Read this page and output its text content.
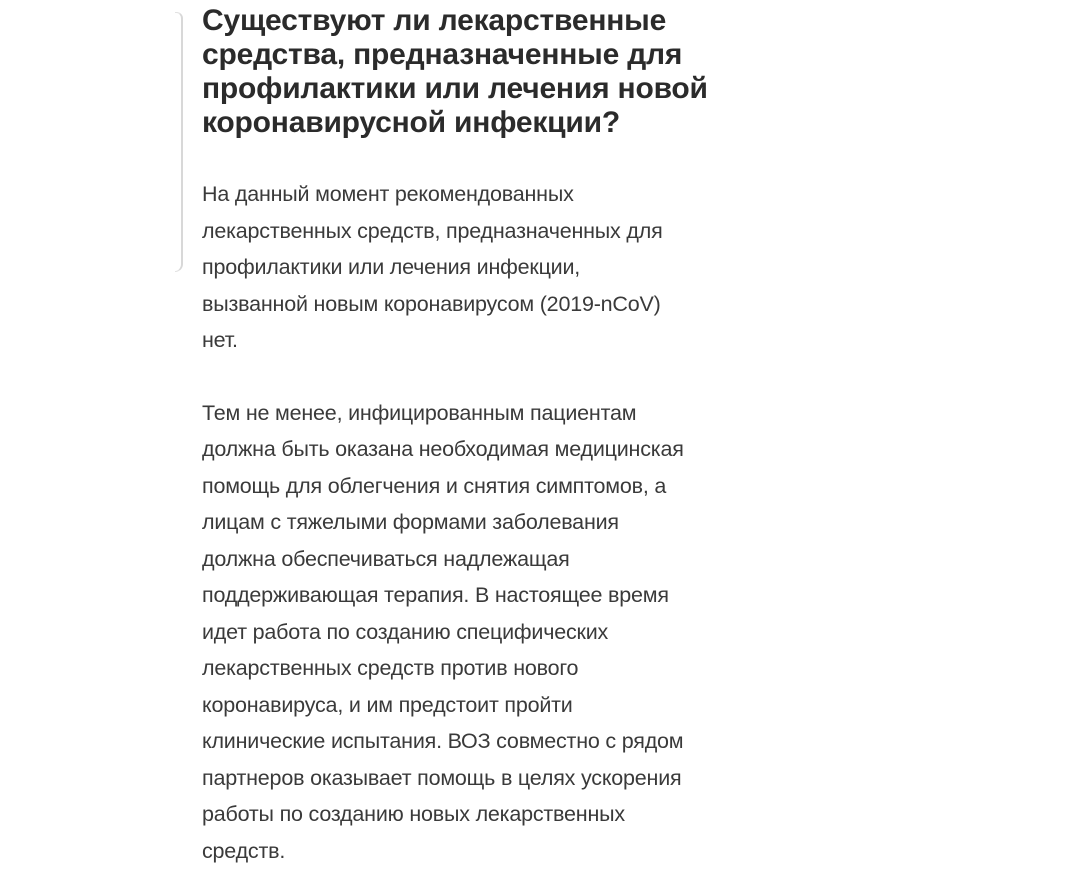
Существуют ли лекарственные
средства, предназначенные для
профилактики или лечения новой
коронавирусной инфекции?

На данный момент рекомендованных
лекарственных средств, предназначенных для
профилактики или лечения инфекции,
вызванной новым коронавирусом (2019-nCoV)
нет.

Тем не менее, инфицированным пациентам
должна быть оказана необходимая медицинская
помощь для облегчения и снятия симптомов, а
лицам с тяжелыми формами заболевания
должна обеспечиваться надлежащая
поддерживающая терапия. В настоящее время
идет работа по созданию специфических
лекарственных средств против нового
коронавируса, и им предстоит пройти
клинические испытания. ВОЗ совместно с рядом
партнеров оказывает помощь в целях ускорения
работы по созданию новых лекарственных
средств.
